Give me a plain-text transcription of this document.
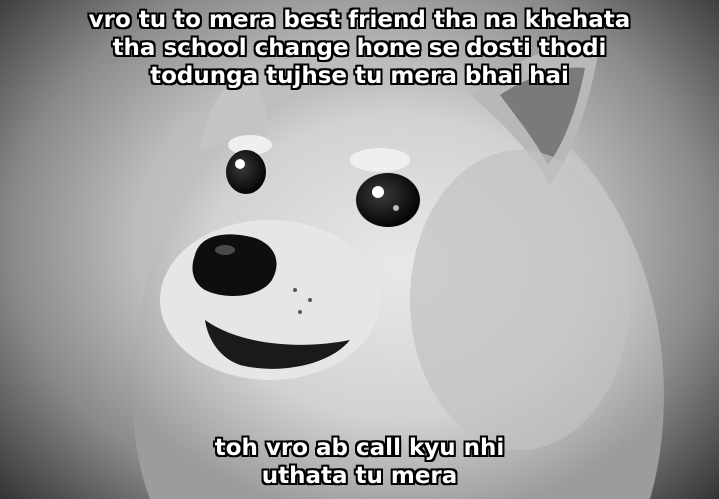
vro tu to mera best friend tha na khehata
tha school change hone se dosti thodi
todunga tujhse tu mera bhai hai
toh vro ab call kyu nhi
uthata tu mera
